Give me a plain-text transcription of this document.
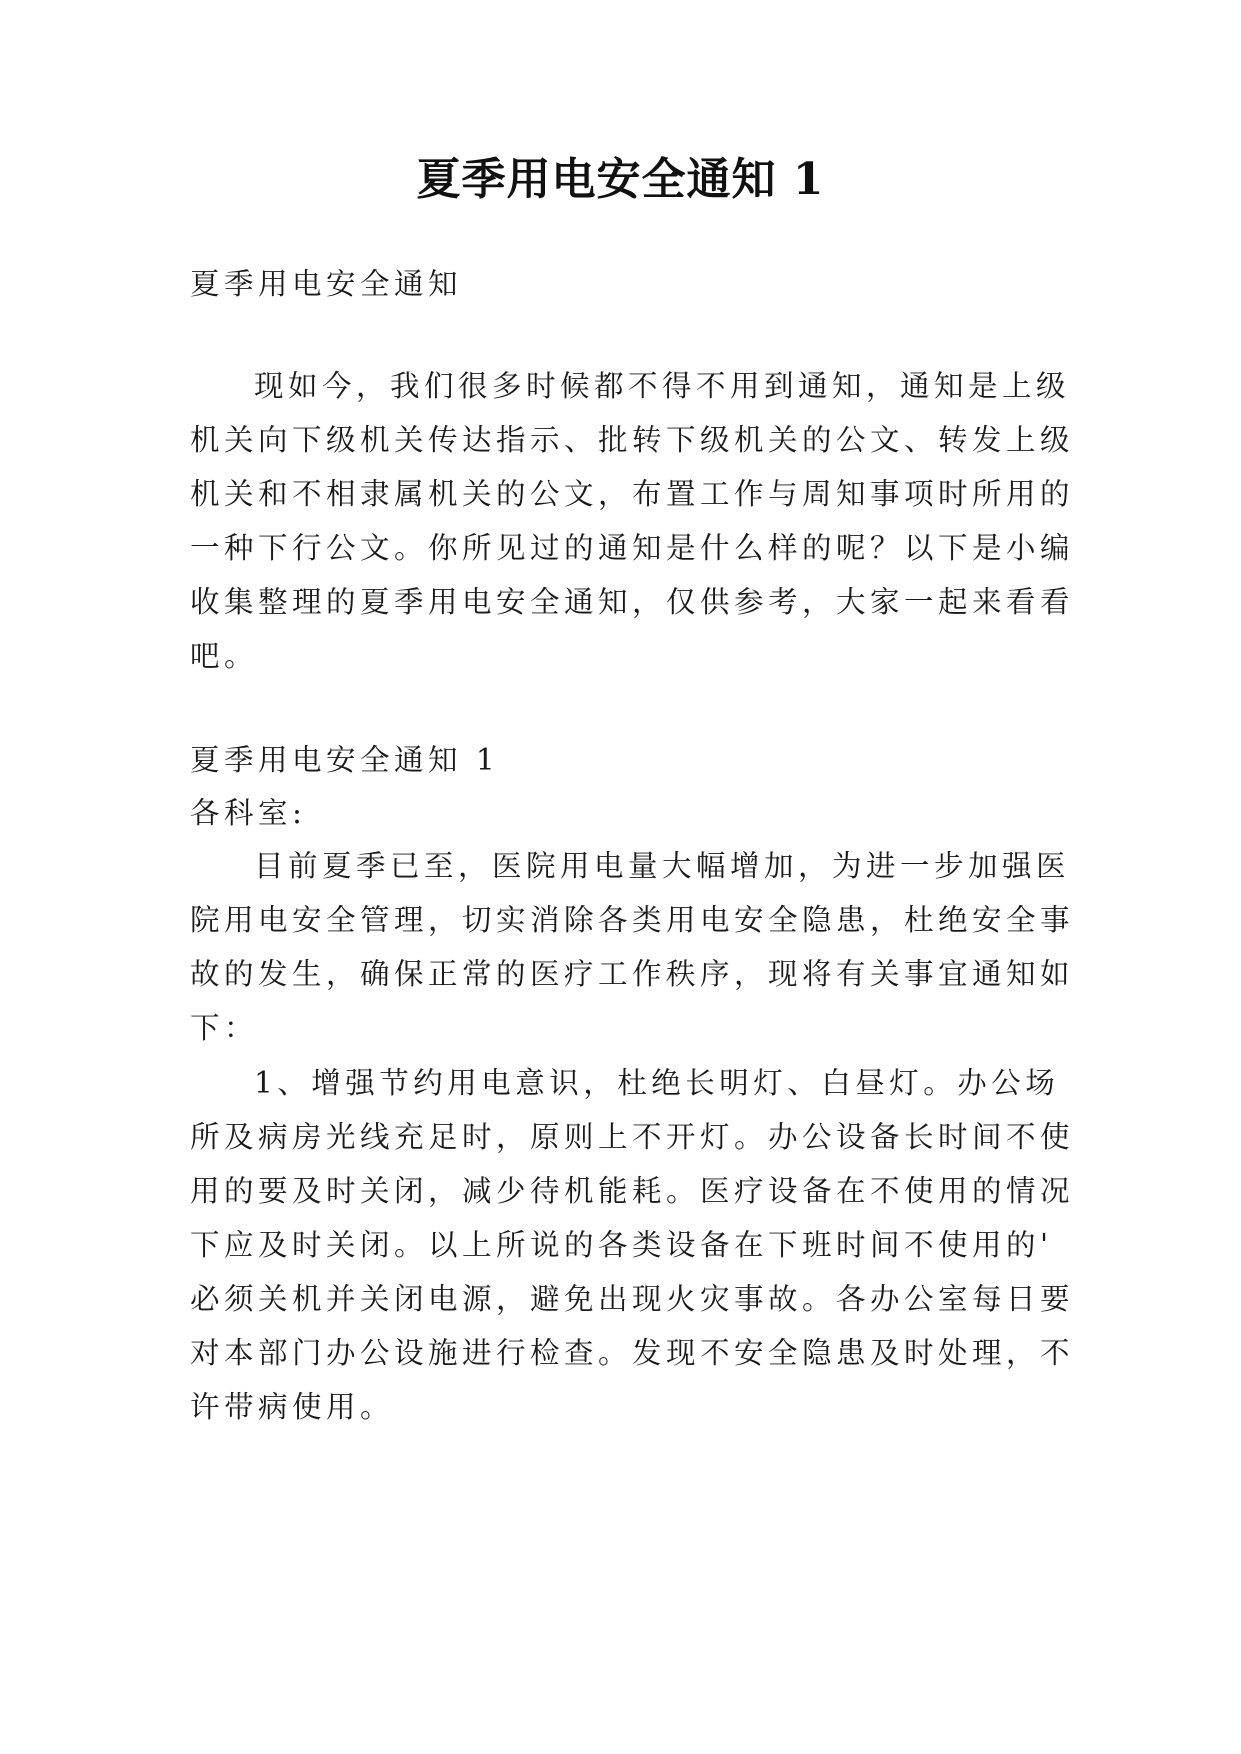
夏季用电安全通知 1
夏季用电安全通知
现如今，我们很多时候都不得不用到通知，通知是上级
机关向下级机关传达指示、批转下级机关的公文、转发上级
机关和不相隶属机关的公文，布置工作与周知事项时所用的
一种下行公文。你所见过的通知是什么样的呢？以下是小编
收集整理的夏季用电安全通知，仅供参考，大家一起来看看
吧。
夏季用电安全通知 1
各科室:
目前夏季已至，医院用电量大幅增加，为进一步加强医
院用电安全管理，切实消除各类用电安全隐患，杜绝安全事
故的发生，确保正常的医疗工作秩序，现将有关事宜通知如
下：
1、增强节约用电意识，杜绝长明灯、白昼灯。办公场
所及病房光线充足时，原则上不开灯。办公设备长时间不使
用的要及时关闭，减少待机能耗。医疗设备在不使用的情况
下应及时关闭。以上所说的各类设备在下班时间不使用的'
必须关机并关闭电源，避免出现火灾事故。各办公室每日要
对本部门办公设施进行检查。发现不安全隐患及时处理，不
许带病使用。
